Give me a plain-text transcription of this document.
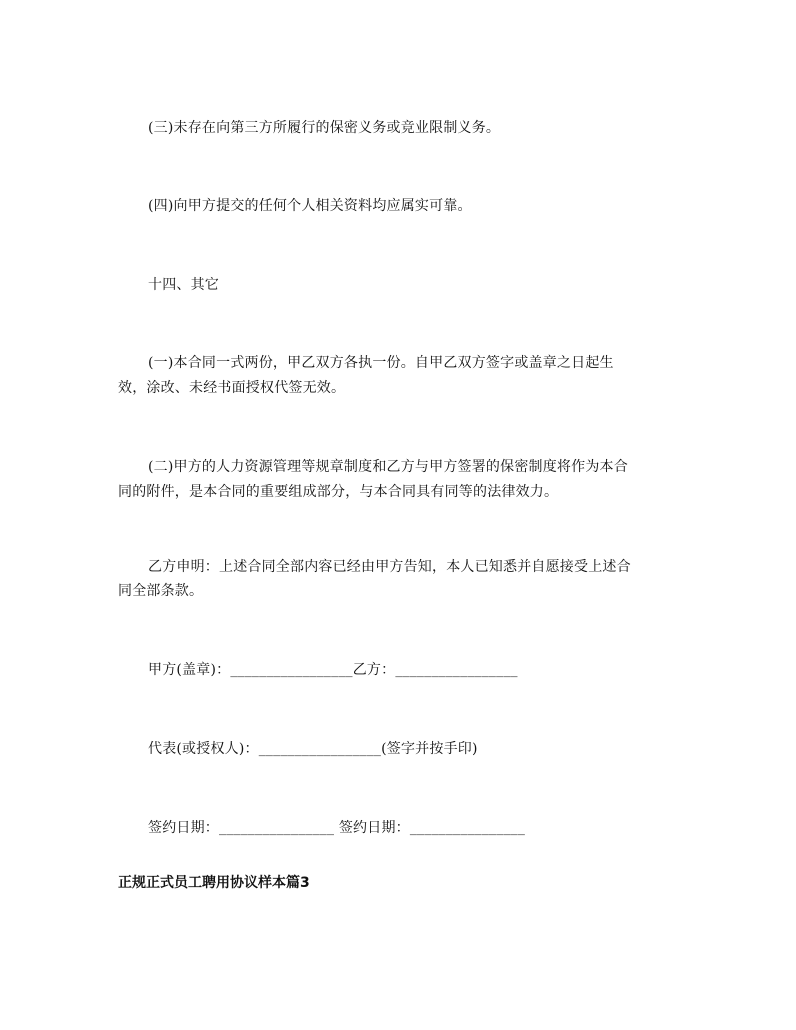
(三)未存在向第三方所履行的保密义务或竞业限制义务。
(四)向甲方提交的任何个人相关资料均应属实可靠。
十四、其它
(一)本合同一式两份，甲乙双方各执一份。自甲乙双方签字或盖章之日起生
效，涂改、未经书面授权代签无效。
(二)甲方的人力资源管理等规章制度和乙方与甲方签署的保密制度将作为本合
同的附件，是本合同的重要组成部分，与本合同具有同等的法律效力。
乙方申明：上述合同全部内容已经由甲方告知，本人已知悉并自愿接受上述合
同全部条款。
甲方(盖章)：_________________乙方：_________________
代表(或授权人)：_________________(签字并按手印)
签约日期：________________ 签约日期：________________
正规正式员工聘用协议样本篇3
